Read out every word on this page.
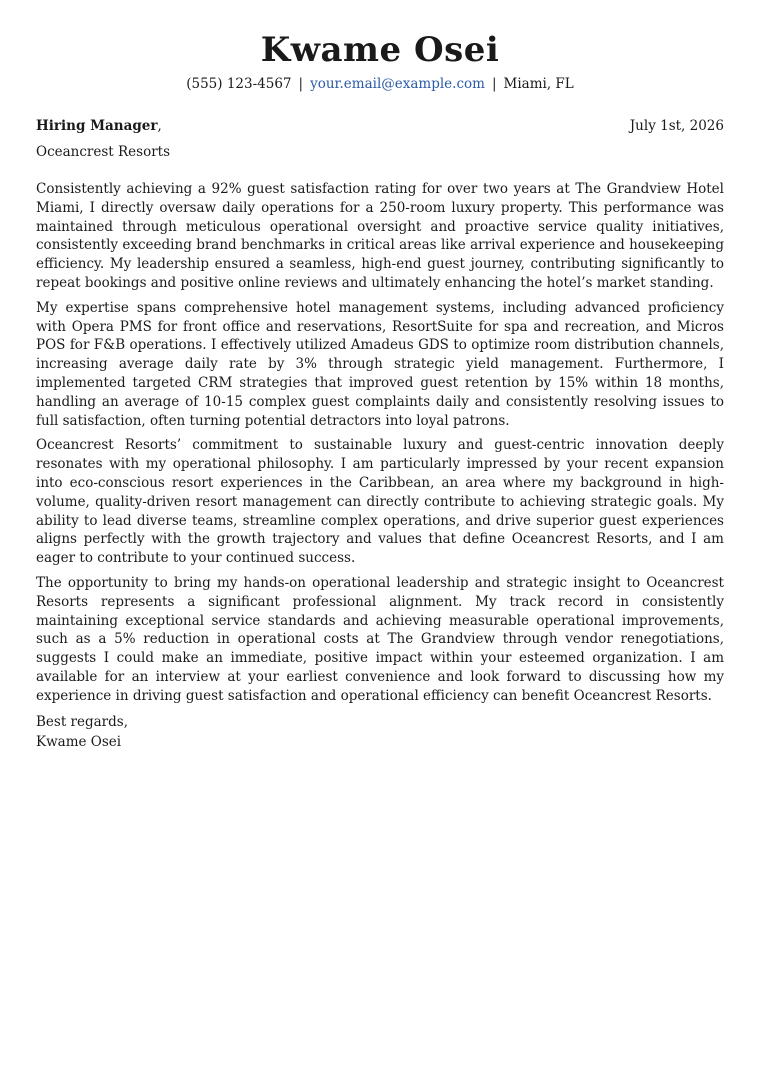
Kwame Osei
(555) 123-4567 | your.email@example.com | Miami, FL
Hiring Manager,	July 1st, 2026
Oceancrest Resorts

Consistently achieving a 92% guest satisfaction rating for over two years at The Grandview Hotel Miami, I directly oversaw daily operations for a 250-room luxury property. This performance was maintained through meticulous operational oversight and proactive service quality initiatives, consistently exceeding brand benchmarks in critical areas like arrival experience and housekeeping efficiency. My leadership ensured a seamless, high-end guest journey, contributing significantly to repeat bookings and positive online reviews and ultimately enhancing the hotel’s market standing.

My expertise spans comprehensive hotel management systems, including advanced proficiency with Opera PMS for front office and reservations, ResortSuite for spa and recreation, and Micros POS for F&B operations. I effectively utilized Amadeus GDS to optimize room distribution channels, increasing average daily rate by 3% through strategic yield management. Furthermore, I implemented targeted CRM strategies that improved guest retention by 15% within 18 months, handling an average of 10-15 complex guest complaints daily and consistently resolving issues to full satisfaction, often turning potential detractors into loyal patrons.

Oceancrest Resorts’ commitment to sustainable luxury and guest-centric innovation deeply resonates with my operational philosophy. I am particularly impressed by your recent expansion into eco-conscious resort experiences in the Caribbean, an area where my background in high-volume, quality-driven resort management can directly contribute to achieving strategic goals. My ability to lead diverse teams, streamline complex operations, and drive superior guest experiences aligns perfectly with the growth trajectory and values that define Oceancrest Resorts, and I am eager to contribute to your continued success.

The opportunity to bring my hands-on operational leadership and strategic insight to Oceancrest Resorts represents a significant professional alignment. My track record in consistently maintaining exceptional service standards and achieving measurable operational improvements, such as a 5% reduction in operational costs at The Grandview through vendor renegotiations, suggests I could make an immediate, positive impact within your esteemed organization. I am available for an interview at your earliest convenience and look forward to discussing how my experience in driving guest satisfaction and operational efficiency can benefit Oceancrest Resorts.

Best regards,
Kwame Osei
